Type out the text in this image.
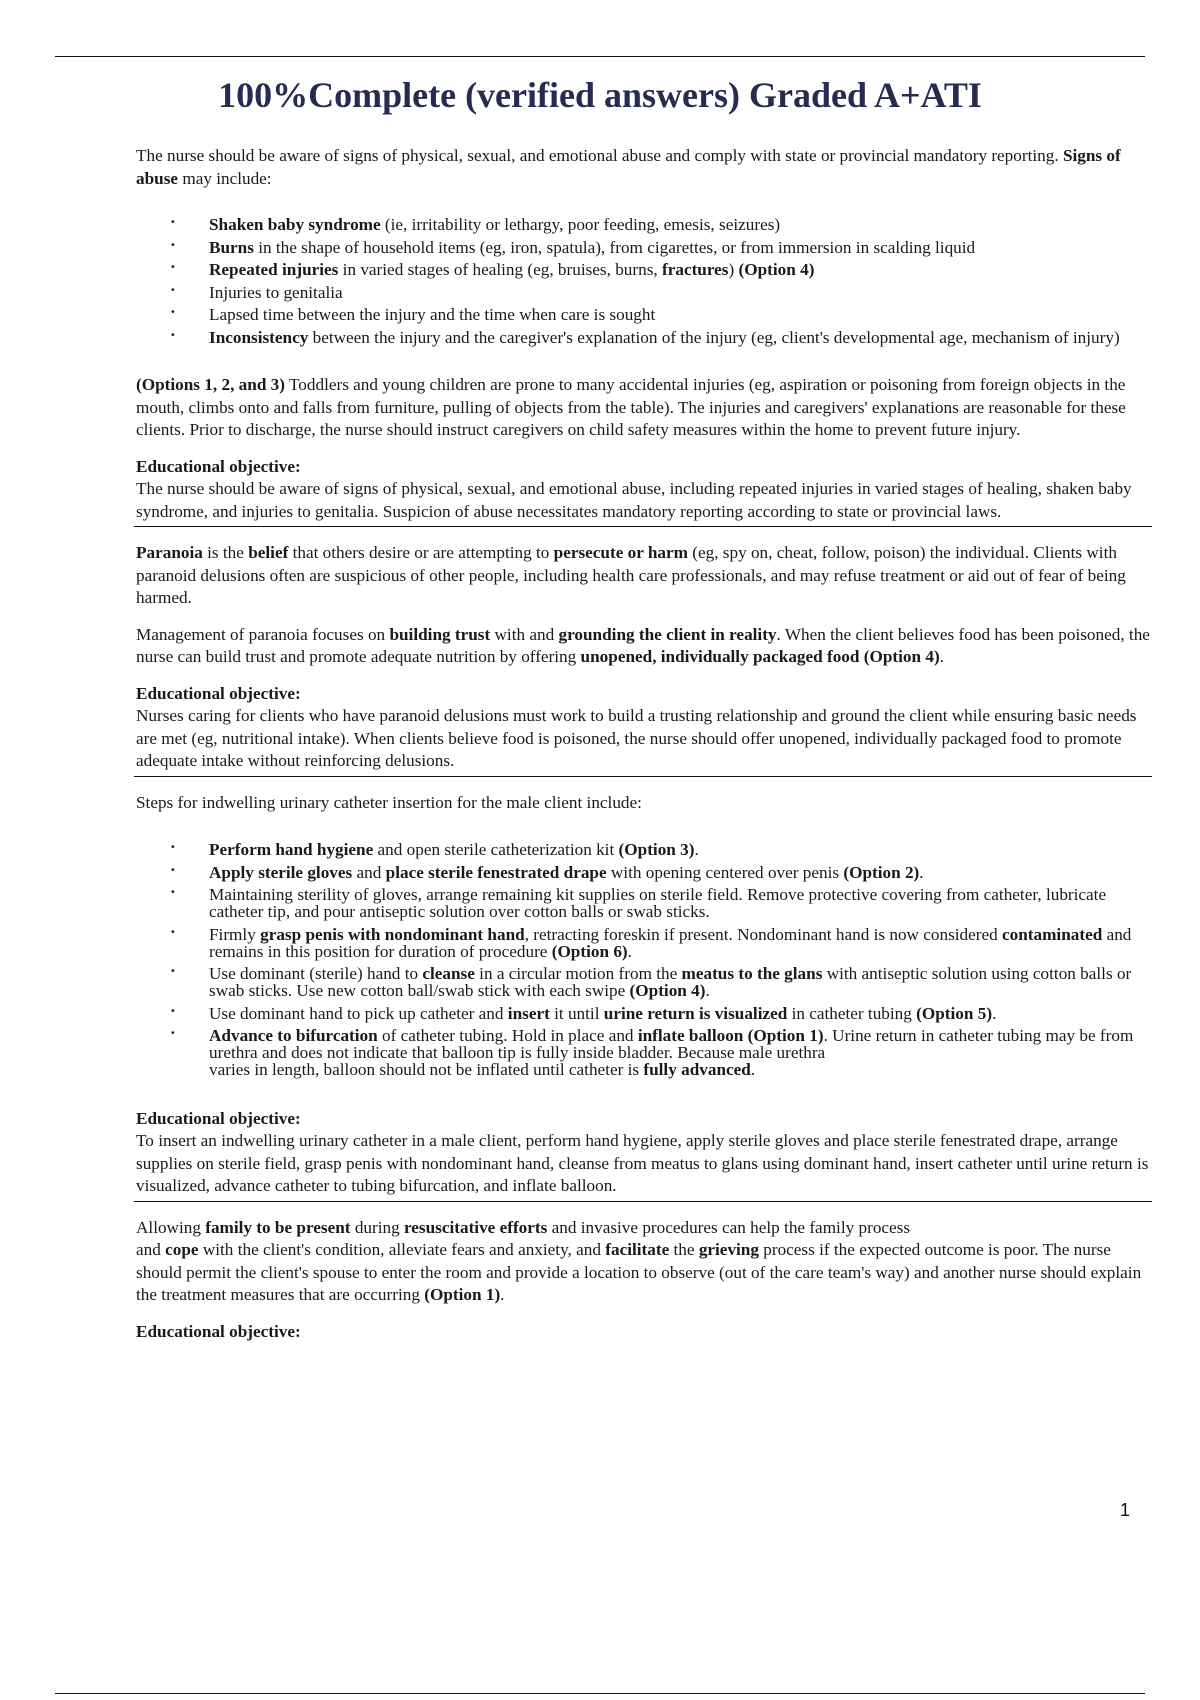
100%Complete (verified answers) Graded A+ATI

The nurse should be aware of signs of physical, sexual, and emotional abuse and comply with state or provincial mandatory reporting. Signs of abuse may include:

· Shaken baby syndrome (ie, irritability or lethargy, poor feeding, emesis, seizures)
· Burns in the shape of household items (eg, iron, spatula), from cigarettes, or from immersion in scalding liquid
· Repeated injuries in varied stages of healing (eg, bruises, burns, fractures) (Option 4)
· Injuries to genitalia
· Lapsed time between the injury and the time when care is sought
· Inconsistency between the injury and the caregiver's explanation of the injury (eg, client's developmental age, mechanism of injury)

(Options 1, 2, and 3) Toddlers and young children are prone to many accidental injuries (eg, aspiration or poisoning from foreign objects in the mouth, climbs onto and falls from furniture, pulling of objects from the table). The injuries and caregivers' explanations are reasonable for these clients. Prior to discharge, the nurse should instruct caregivers on child safety measures within the home to prevent future injury.

Educational objective:

The nurse should be aware of signs of physical, sexual, and emotional abuse, including repeated injuries in varied stages of healing, shaken baby syndrome, and injuries to genitalia. Suspicion of abuse necessitates mandatory reporting according to state or provincial laws.

Paranoia is the belief that others desire or are attempting to persecute or harm (eg, spy on, cheat, follow, poison) the individual. Clients with paranoid delusions often are suspicious of other people, including health care professionals, and may refuse treatment or aid out of fear of being harmed.

Management of paranoia focuses on building trust with and grounding the client in reality. When the client believes food has been poisoned, the nurse can build trust and promote adequate nutrition by offering unopened, individually packaged food (Option 4).

Educational objective:

Nurses caring for clients who have paranoid delusions must work to build a trusting relationship and ground the client while ensuring basic needs are met (eg, nutritional intake). When clients believe food is poisoned, the nurse should offer unopened, individually packaged food to promote adequate intake without reinforcing delusions.

Steps for indwelling urinary catheter insertion for the male client include:

· Perform hand hygiene and open sterile catheterization kit (Option 3).
· Apply sterile gloves and place sterile fenestrated drape with opening centered over penis (Option 2).
· Maintaining sterility of gloves, arrange remaining kit supplies on sterile field. Remove protective covering from catheter, lubricate catheter tip, and pour antiseptic solution over cotton balls or swab sticks.
· Firmly grasp penis with nondominant hand, retracting foreskin if present. Nondominant hand is now considered contaminated and remains in this position for duration of procedure (Option 6).
· Use dominant (sterile) hand to cleanse in a circular motion from the meatus to the glans with antiseptic solution using cotton balls or swab sticks. Use new cotton ball/swab stick with each swipe (Option 4).
· Use dominant hand to pick up catheter and insert it until urine return is visualized in catheter tubing (Option 5).
· Advance to bifurcation of catheter tubing. Hold in place and inflate balloon (Option 1). Urine return in catheter tubing may be from urethra and does not indicate that balloon tip is fully inside bladder. Because male urethra
varies in length, balloon should not be inflated until catheter is fully advanced.

Educational objective:

To insert an indwelling urinary catheter in a male client, perform hand hygiene, apply sterile gloves and place sterile fenestrated drape, arrange supplies on sterile field, grasp penis with nondominant hand, cleanse from meatus to glans using dominant hand, insert catheter until urine return is visualized, advance catheter to tubing bifurcation, and inflate balloon.

Allowing family to be present during resuscitative efforts and invasive procedures can help the family process
and cope with the client's condition, alleviate fears and anxiety, and facilitate the grieving process if the expected outcome is poor. The nurse should permit the client's spouse to enter the room and provide a location to observe (out of the care team's way) and another nurse should explain the treatment measures that are occurring (Option 1).

Educational objective:

1
